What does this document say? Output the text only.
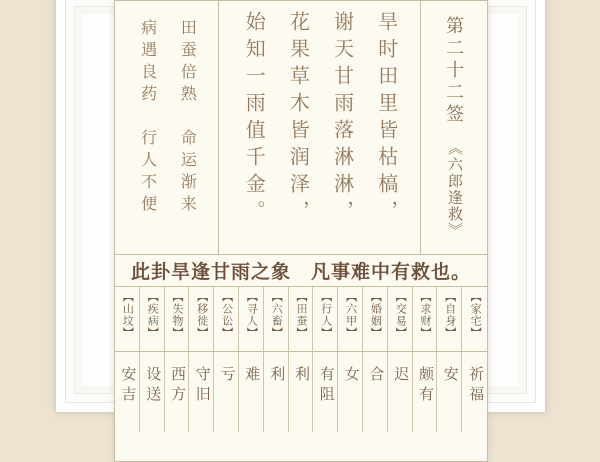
田蚕倍熟命运渐来
病遇良药行人不便	旱时田里皆枯槁，
谢天甘雨落淋淋，
花果草木皆润泽，
始知一雨值千金。	第二十二签《六郎逢救》
此卦旱逢甘雨之象　凡事难中有救也。
【山坟】 【疾病】 【失物】 【移徙】 【公讼】 【寻人】 【六畜】 【田蚕】 【行人】 【六甲】 【婚姻】 【交易】 【求财】 【自身】 【家宅】
安吉 设送 西方 守旧 亏 难 利 利 有阻 女 合 迟 颇有 安 祈福
